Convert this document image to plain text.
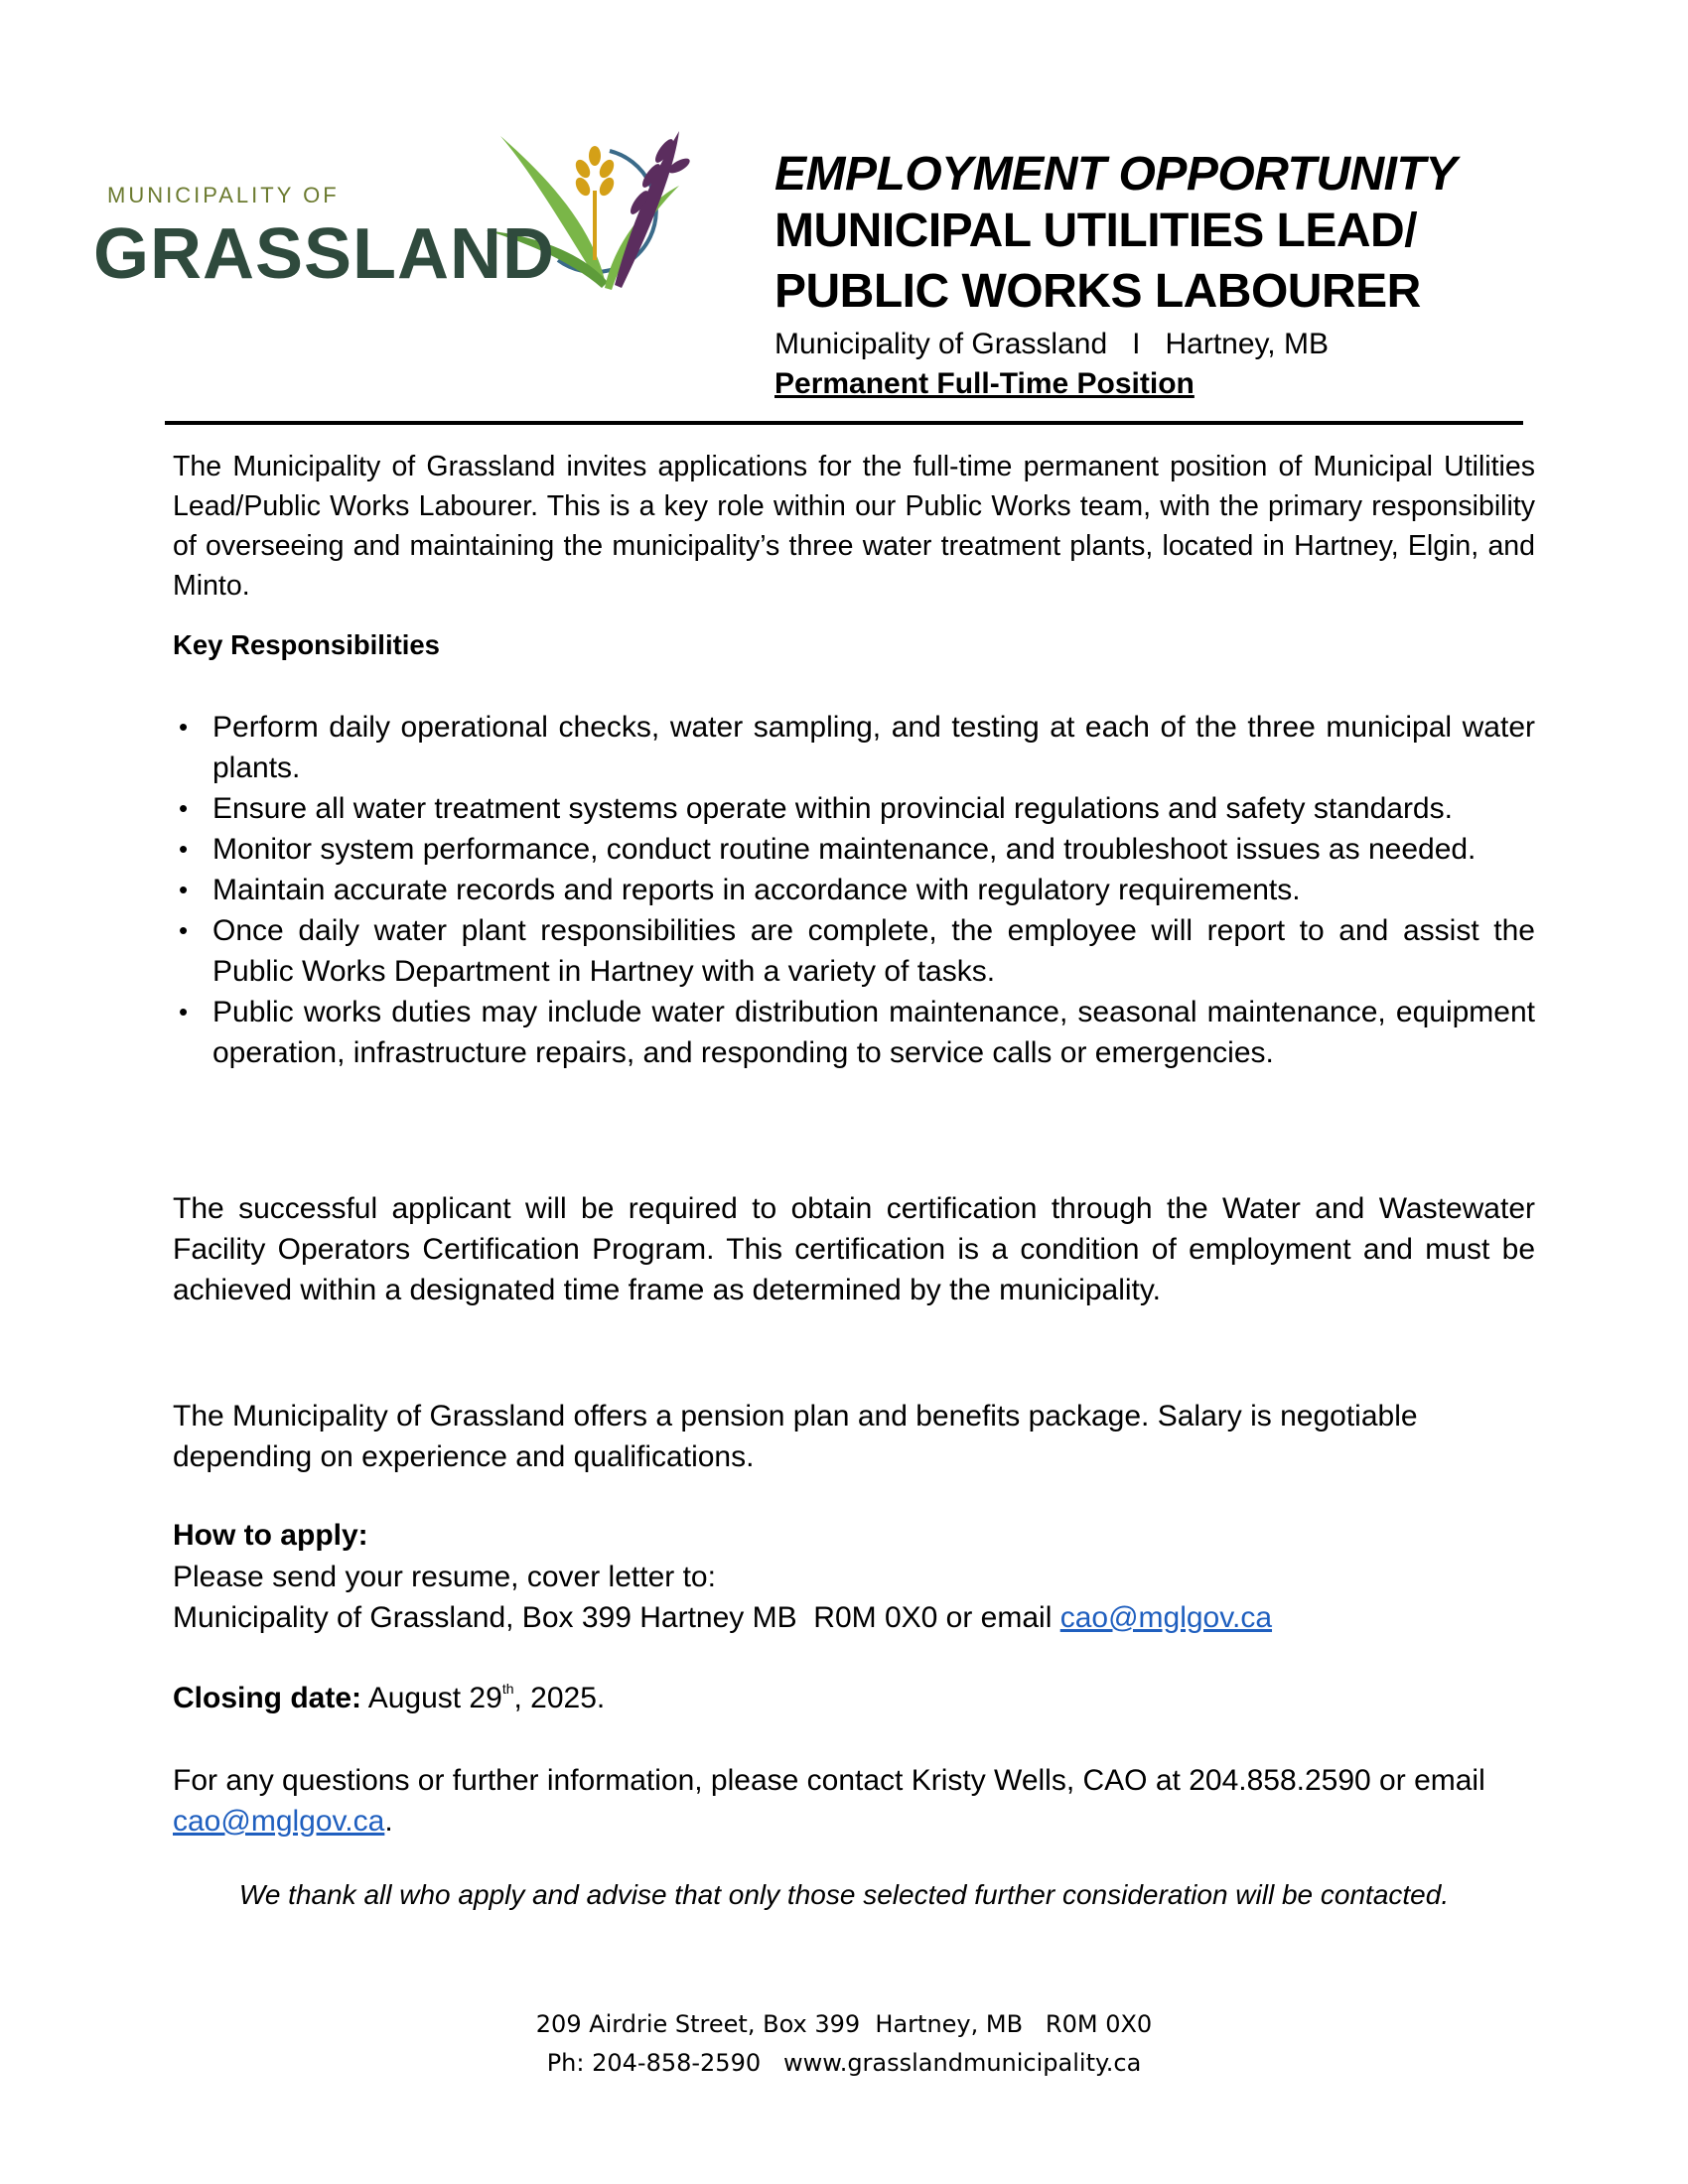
MUNICIPALITY OF
GRASSLAND
EMPLOYMENT OPPORTUNITY
MUNICIPAL UTILITIES LEAD/
PUBLIC WORKS LABOURER
Municipality of Grassland   I   Hartney, MB
Permanent Full-Time Position
The Municipality of Grassland invites applications for the full-time permanent position of Municipal Utilities Lead/Public Works Labourer. This is a key role within our Public Works team, with the primary responsibility of overseeing and maintaining the municipality’s three water treatment plants, located in Hartney, Elgin, and Minto.
Key Responsibilities
• Perform daily operational checks, water sampling, and testing at each of the three municipal water plants.
• Ensure all water treatment systems operate within provincial regulations and safety standards.
• Monitor system performance, conduct routine maintenance, and troubleshoot issues as needed.
• Maintain accurate records and reports in accordance with regulatory requirements.
• Once daily water plant responsibilities are complete, the employee will report to and assist the Public Works Department in Hartney with a variety of tasks.
• Public works duties may include water distribution maintenance, seasonal maintenance, equipment operation, infrastructure repairs, and responding to service calls or emergencies.
The successful applicant will be required to obtain certification through the Water and Wastewater Facility Operators Certification Program. This certification is a condition of employment and must be achieved within a designated time frame as determined by the municipality.
The Municipality of Grassland offers a pension plan and benefits package. Salary is negotiable depending on experience and qualifications.
How to apply:
Please send your resume, cover letter to:
Municipality of Grassland, Box 399 Hartney MB  R0M 0X0 or email cao@mglgov.ca
Closing date: August 29th, 2025.
For any questions or further information, please contact Kristy Wells, CAO at 204.858.2590 or email cao@mglgov.ca.
We thank all who apply and advise that only those selected further consideration will be contacted.
209 Airdrie Street, Box 399  Hartney, MB   R0M 0X0
Ph: 204-858-2590   www.grasslandmunicipality.ca
